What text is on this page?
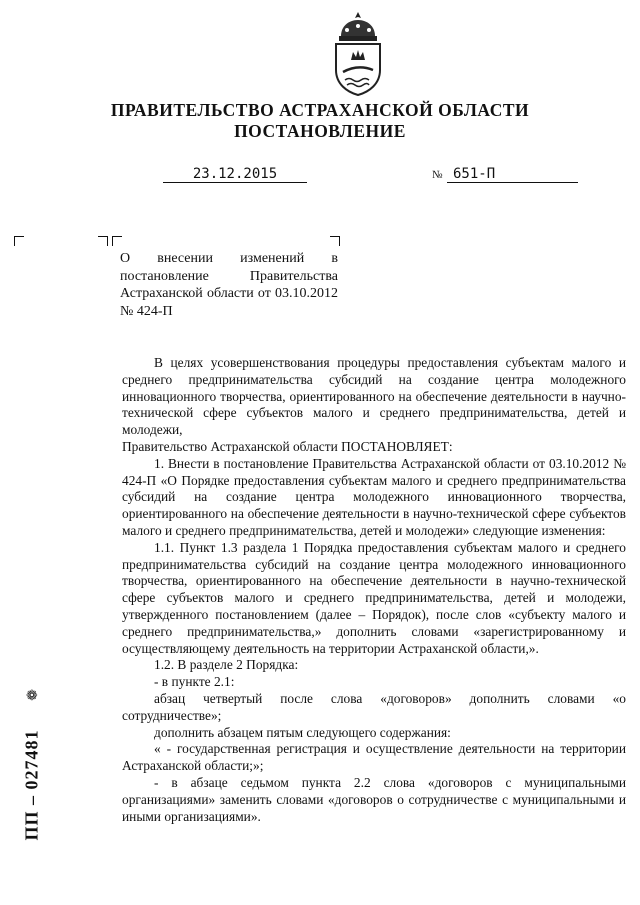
ПРАВИТЕЛЬСТВО АСТРАХАНСКОЙ ОБЛАСТИ
ПОСТАНОВЛЕНИЕ
23.12.2015	№ 651-П
О внесении изменений в постановление Правительства Астраханской области от 03.10.2012 № 424-П

В целях усовершенствования процедуры предоставления субъектам малого и среднего предпринимательства субсидий на создание центра молодежного инновационного творчества, ориентированного на обеспечение деятельности в научно-технической сфере субъектов малого и среднего предпринимательства, детей и молодежи,

Правительство Астраханской области ПОСТАНОВЛЯЕТ:

1. Внести в постановление Правительства Астраханской области от 03.10.2012 № 424-П «О Порядке предоставления субъектам малого и среднего предпринимательства субсидий на создание центра молодежного инновационного творчества, ориентированного на обеспечение деятельности в научно-технической сфере субъектов малого и среднего предпринимательства, детей и молодежи» следующие изменения:

1.1. Пункт 1.3 раздела 1 Порядка предоставления субъектам малого и среднего предпринимательства субсидий на создание центра молодежного инновационного творчества, ориентированного на обеспечение деятельности в научно-технической сфере субъектов малого и среднего предпринимательства, детей и молодежи, утвержденного постановлением (далее – Порядок), после слов «субъекту малого и среднего предпринимательства,» дополнить словами «зарегистрированному и осуществляющему деятельность на территории Астраханской области,».

1.2. В разделе 2 Порядка:

- в пункте 2.1:

абзац четвертый после слова «договоров» дополнить словами «о сотрудничестве»;

дополнить абзацем пятым следующего содержания:

« - государственная регистрация и осуществление деятельности на территории Астраханской области;»;

- в абзаце седьмом пункта 2.2 слова «договоров с муниципальными организациями» заменить словами «договоров о сотрудничестве с муниципальными и иными организациями».

❁
ПП – 027481
